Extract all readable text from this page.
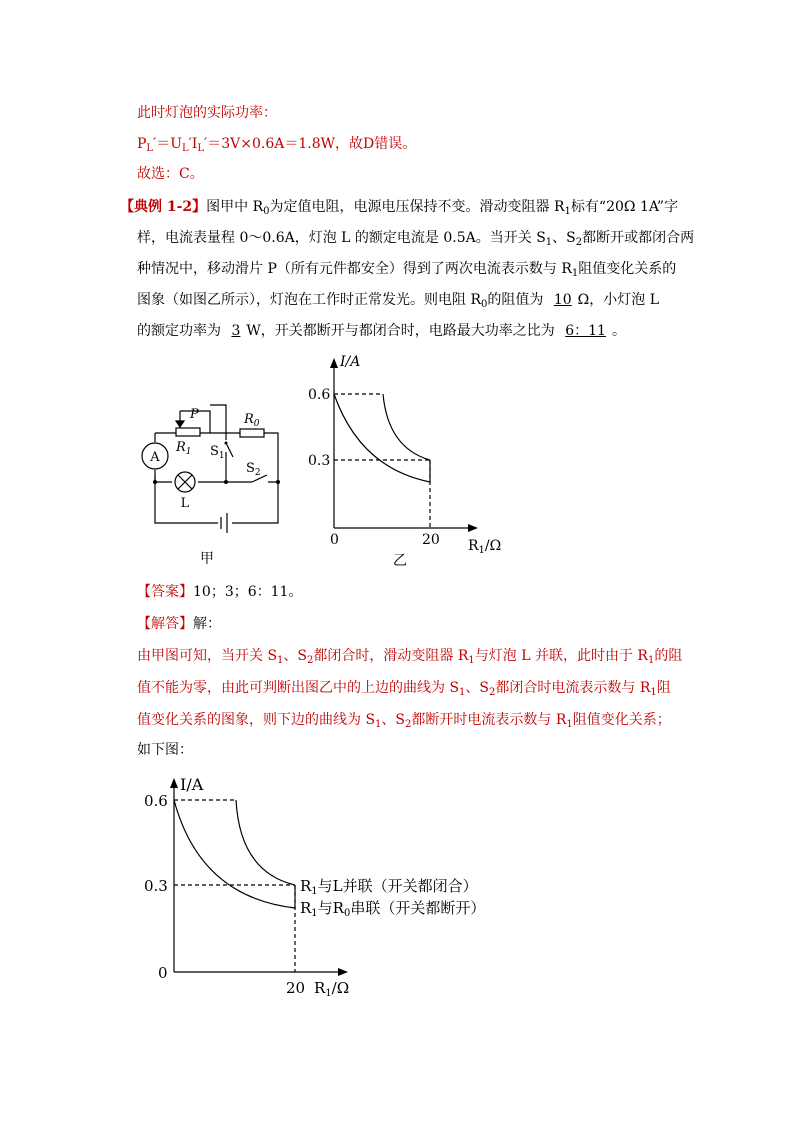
此时灯泡的实际功率：
$P_L'=U_L'I_L'=3V\times 0.6A=1.8W$，故D错误。
故选：C。
【典例 1-2】图甲中 $R_0$为定值电阻，电源电压保持不变。滑动变阻器 $R_1$标有“20Ω 1A”字
样，电流表量程 0～0.6A，灯泡 L 的额定电流是 0.5A。当开关 $S_1$、$S_2$都断开或都闭合两
种情况中，移动滑片 P（所有元件都安全）得到了两次电流表示数与 $R_1$阻值变化关系的
图象（如图乙所示），灯泡在工作时正常发光。则电阻 $R_0$的阻值为 10 Ω，小灯泡 L
的额定功率为 3 W，开关都断开与都闭合时，电路最大功率之比为 6：11 。
A
L
P
$R_1$
$R_0$
$S_1$
$S_2$
甲
I/A
0.6
0.3
0	20 $R_1/\Omega$
乙
【答案】10；3；6：11。
【解答】解：
由甲图可知，当开关 $S_1$、$S_2$都闭合时，滑动变阻器 $R_1$与灯泡 L 并联，此时由于 $R_1$的阻
值不能为零，由此可判断出图乙中的上边的曲线为 $S_1$、$S_2$都闭合时电流表示数与 $R_1$阻
值变化关系的图象，则下边的曲线为 $S_1$、$S_2$都断开时电流表示数与 $R_1$阻值变化关系；
如下图：
I/A
0.6
0.3
0
20 $R_1/\Omega$
$R_1$与L并联（开关都闭合）
$R_1$与$R_0$串联（开关都断开）
